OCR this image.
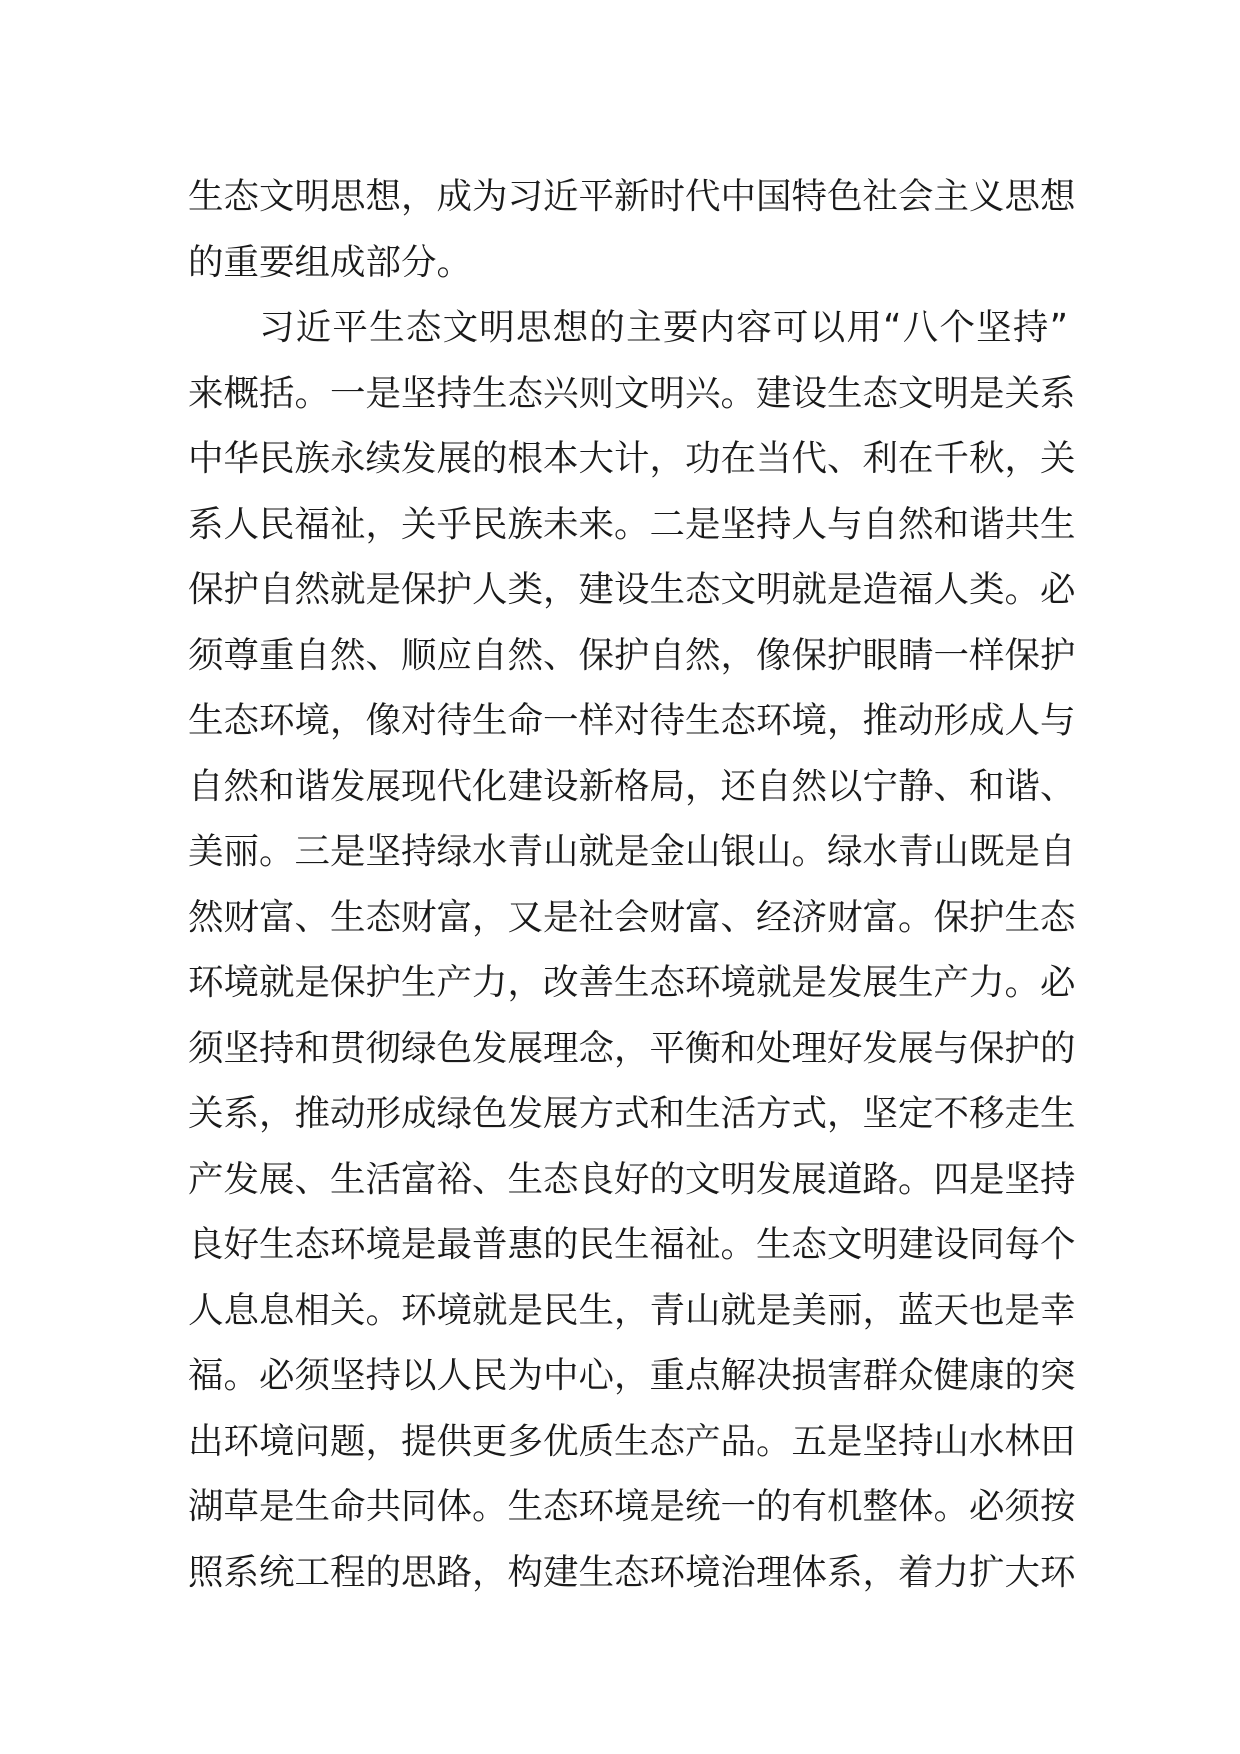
生态文明思想，成为习近平新时代中国特色社会主义思想
的重要组成部分。
习近平生态文明思想的主要内容可以用“八个坚持”
来概括。一是坚持生态兴则文明兴。建设生态文明是关系
中华民族永续发展的根本大计，功在当代、利在千秋，关
系人民福祉，关乎民族未来。二是坚持人与自然和谐共生
保护自然就是保护人类，建设生态文明就是造福人类。必
须尊重自然、顺应自然、保护自然，像保护眼睛一样保护
生态环境，像对待生命一样对待生态环境，推动形成人与
自然和谐发展现代化建设新格局，还自然以宁静、和谐、
美丽。三是坚持绿水青山就是金山银山。绿水青山既是自
然财富、生态财富，又是社会财富、经济财富。保护生态
环境就是保护生产力，改善生态环境就是发展生产力。必
须坚持和贯彻绿色发展理念，平衡和处理好发展与保护的
关系，推动形成绿色发展方式和生活方式，坚定不移走生
产发展、生活富裕、生态良好的文明发展道路。四是坚持
良好生态环境是最普惠的民生福祉。生态文明建设同每个
人息息相关。环境就是民生，青山就是美丽，蓝天也是幸
福。必须坚持以人民为中心，重点解决损害群众健康的突
出环境问题，提供更多优质生态产品。五是坚持山水林田
湖草是生命共同体。生态环境是统一的有机整体。必须按
照系统工程的思路，构建生态环境治理体系，着力扩大环
